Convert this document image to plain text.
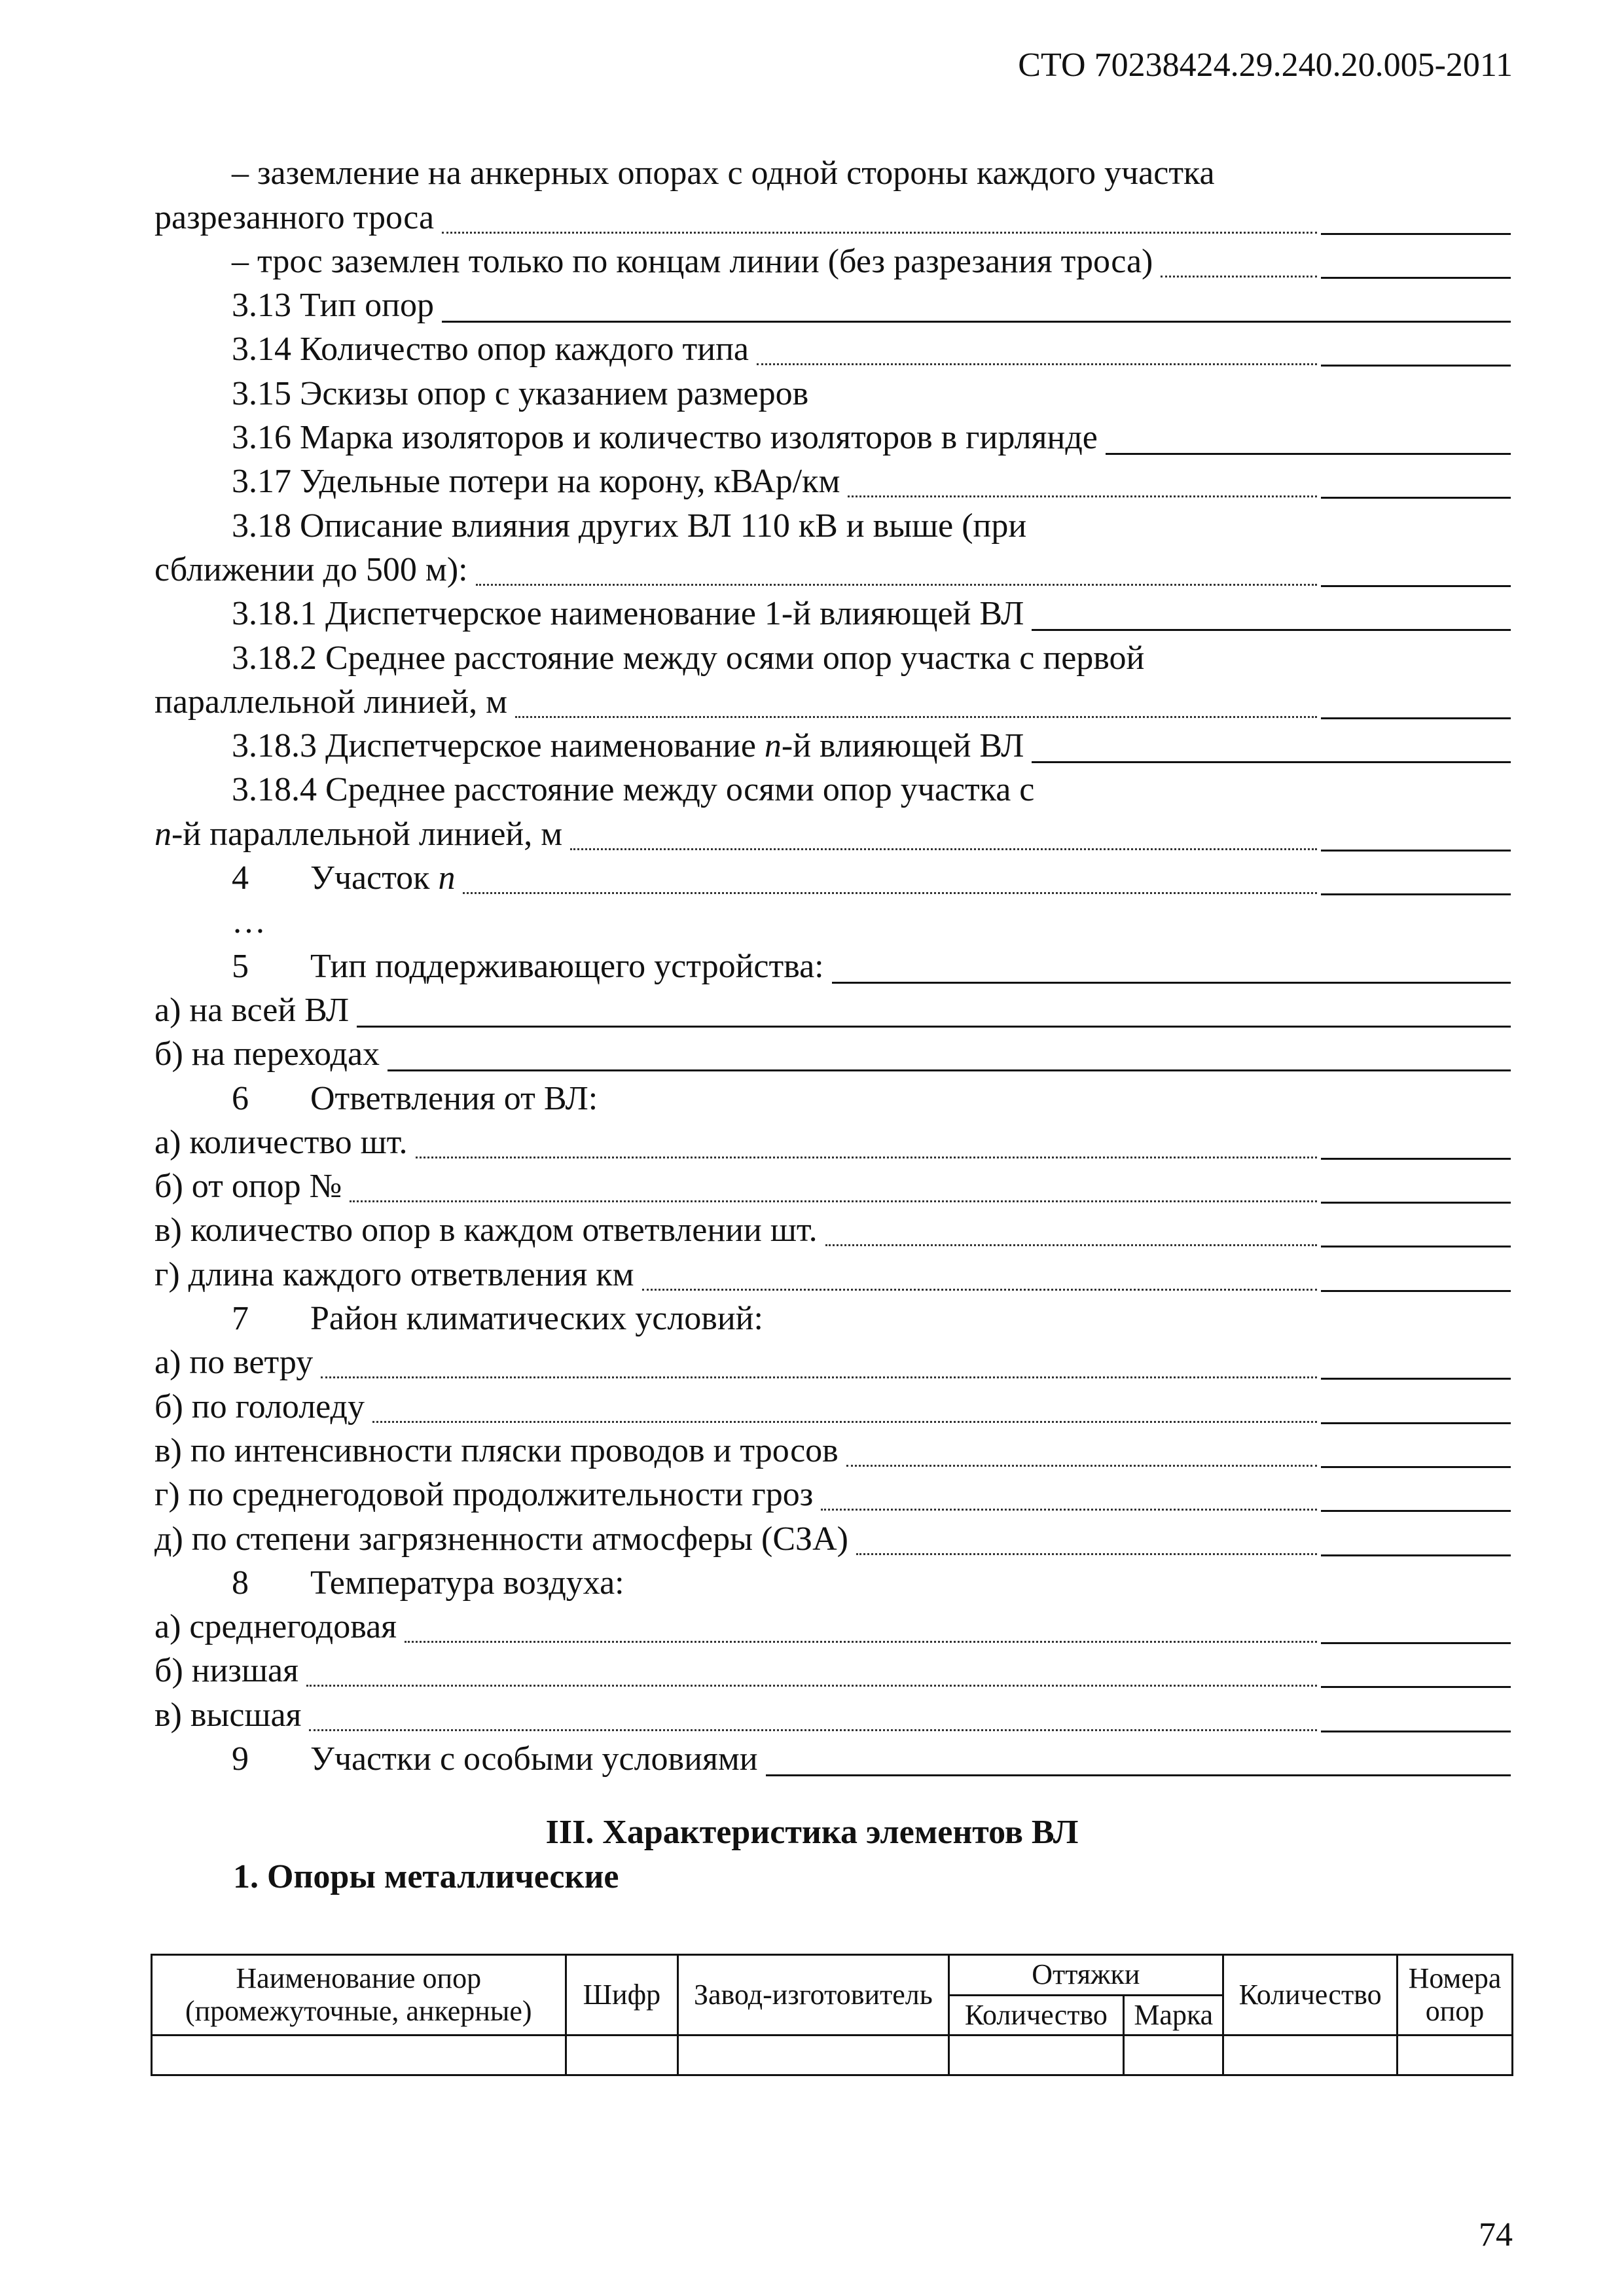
СТО 70238424.29.240.20.005-2011
– заземление на анкерных опорах с одной стороны каждого участка
разрезанного троса
– трос заземлен только по концам линии (без разрезания троса)
3.13 Тип опор
3.14 Количество опор каждого типа
3.15 Эскизы опор с указанием размеров
3.16 Марка изоляторов и количество изоляторов в гирлянде
3.17 Удельные потери на корону, кВАр/км
3.18 Описание влияния других ВЛ 110 кВ и выше (при
сближении до 500 м):
3.18.1 Диспетчерское наименование 1-й влияющей ВЛ
3.18.2 Среднее расстояние между осями опор участка с первой
параллельной линией, м
3.18.3 Диспетчерское наименование n-й влияющей ВЛ
3.18.4 Среднее расстояние между осями опор участка с
n-й параллельной линией, м
4	Участок n
…
5	Тип поддерживающего устройства:
а) на всей ВЛ
б) на переходах
6	Ответвления от ВЛ:
а) количество шт.
б) от опор №
в) количество опор в каждом ответвлении шт.
г) длина каждого ответвления км
7	Район климатических условий:
а) по ветру
б) по гололеду
в) по интенсивности пляски проводов и тросов
г) по среднегодовой продолжительности гроз
д) по степени загрязненности атмосферы (СЗА)
8	Температура воздуха:
а) среднегодовая
б) низшая
в) высшая
9	Участки с особыми условиями
III. Характеристика элементов ВЛ
1. Опоры металлические
Наименование опор (промежуточные, анкерные)	Шифр	Завод-изготовитель	Оттяжки		Количество	Номера опор
			Количество	Марка		

74
